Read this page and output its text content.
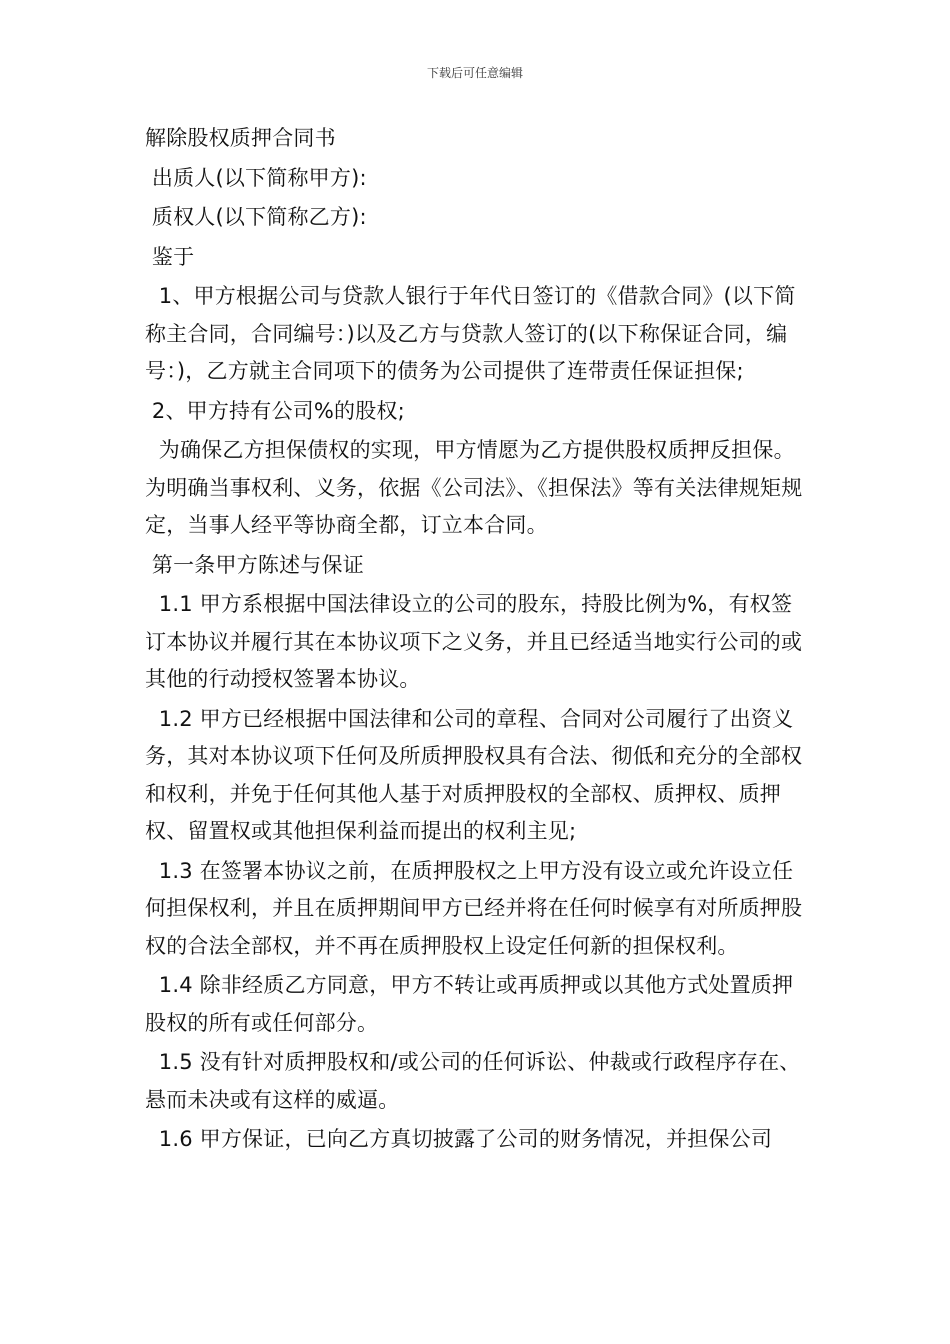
下载后可任意编辑

解除股权质押合同书

出质人(以下简称甲方):

质权人(以下简称乙方):

鉴于

1、甲方根据公司与贷款人银行于年代日签订的《借款合同》(以下简称主合同，合同编号：)以及乙方与贷款人签订的(以下称保证合同，编号：)，乙方就主合同项下的债务为公司提供了连带责任保证担保;

2、甲方持有公司%的股权;

为确保乙方担保债权的实现，甲方情愿为乙方提供股权质押反担保。为明确当事权利、义务，依据《公司法》、《担保法》等有关法律规矩规定，当事人经平等协商全都，订立本合同。

第一条甲方陈述与保证

1.1 甲方系根据中国法律设立的公司的股东，持股比例为%，有权签订本协议并履行其在本协议项下之义务，并且已经适当地实行公司的或其他的行动授权签署本协议。

1.2 甲方已经根据中国法律和公司的章程、合同对公司履行了出资义务，其对本协议项下任何及所质押股权具有合法、彻低和充分的全部权和权利，并免于任何其他人基于对质押股权的全部权、质押权、质押权、留置权或其他担保利益而提出的权利主见;

1.3 在签署本协议之前，在质押股权之上甲方没有设立或允许设立任何担保权利，并且在质押期间甲方已经并将在任何时候享有对所质押股权的合法全部权，并不再在质押股权上设定任何新的担保权利。

1.4 除非经质乙方同意，甲方不转让或再质押或以其他方式处置质押股权的所有或任何部分。

1.5 没有针对质押股权和/或公司的任何诉讼、仲裁或行政程序存在、悬而未决或有这样的威逼。

1.6 甲方保证，已向乙方真切披露了公司的财务情况，并担保公司
